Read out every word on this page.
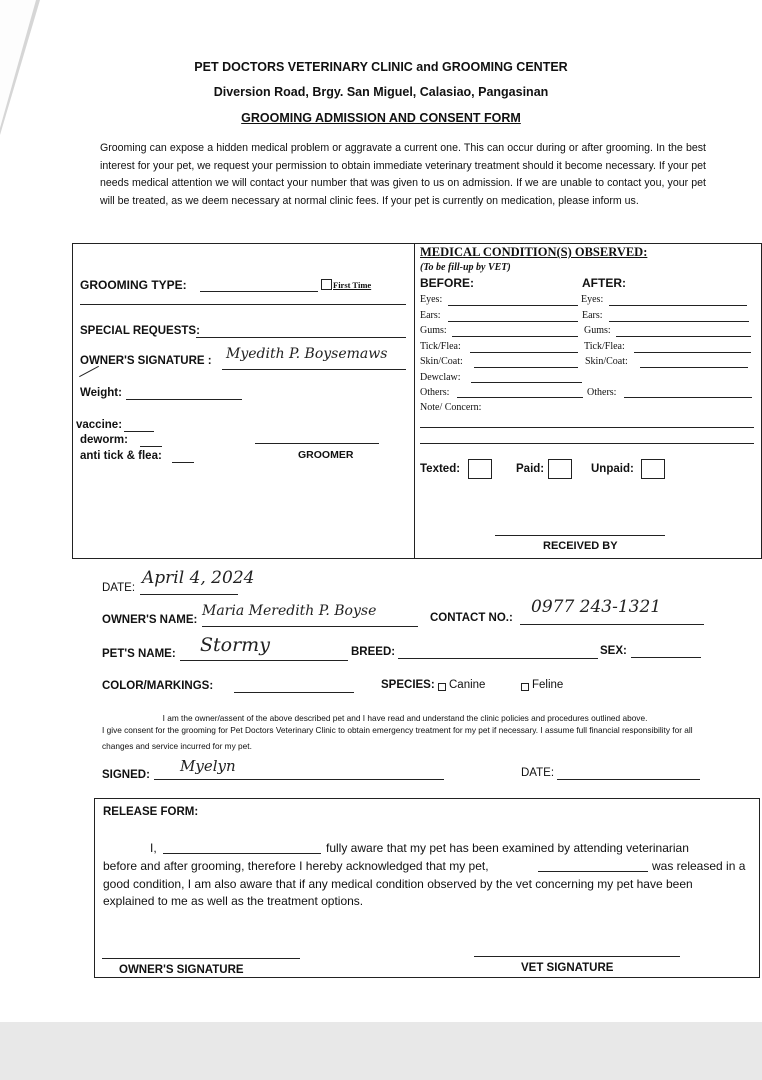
PET DOCTORS VETERINARY CLINIC and GROOMING CENTER
Diversion Road, Brgy. San Miguel, Calasiao, Pangasinan
GROOMING ADMISSION AND CONSENT FORM
Grooming can expose a hidden medical problem or aggravate a current one. This can occur during or after grooming. In the best interest for your pet, we request your permission to obtain immediate veterinary treatment should it become necessary. If your pet needs medical attention we will contact your number that was given to us on admission. If we are unable to contact you, your pet will be treated, as we deem necessary at normal clinic fees. If your pet is currently on medication, please inform us.
GROOMING TYPE:	First Time
SPECIAL REQUESTS:
OWNER'S SIGNATURE : Myedith P. Boysemaws
Weight:
vaccine:
deworm:
anti tick & flea:	GROOMER
MEDICAL CONDITION(S) OBSERVED:
(To be fill-up by VET)
BEFORE:	AFTER:
Eyes:	Eyes:
Ears:	Ears:
Gums:	Gums:
Tick/Flea:	Tick/Flea:
Skin/Coat:	Skin/Coat:
Dewclaw:
Others:	Others:
Note/ Concern:
Texted:	Paid:	Unpaid:
RECEIVED BY
DATE: April 4, 2024
OWNER'S NAME:
Maria Meredith P. Boyse	CONTACT NO.:
0977 243-1321
PET'S NAME: Stormy	BREED:	SEX:
COLOR/MARKINGS:	SPECIES: Canine	Feline
I am the owner/assent of the above described pet and I have read and understand the clinic policies and procedures outlined above.
I give consent for the grooming for Pet Doctors Veterinary Clinic to obtain emergency treatment for my pet if necessary. I assume full financial responsibility for all changes and service incurred for my pet.
SIGNED: Myelyn	DATE:
RELEASE FORM:
I,	fully aware that my pet has been examined by attending veterinarian
before and after grooming, therefore I hereby acknowledged that my pet,	was released in a
good condition, I am also aware that if any medical condition observed by the vet concerning my pet have been
explained to me as well as the treatment options.
OWNER'S SIGNATURE	VET SIGNATURE
